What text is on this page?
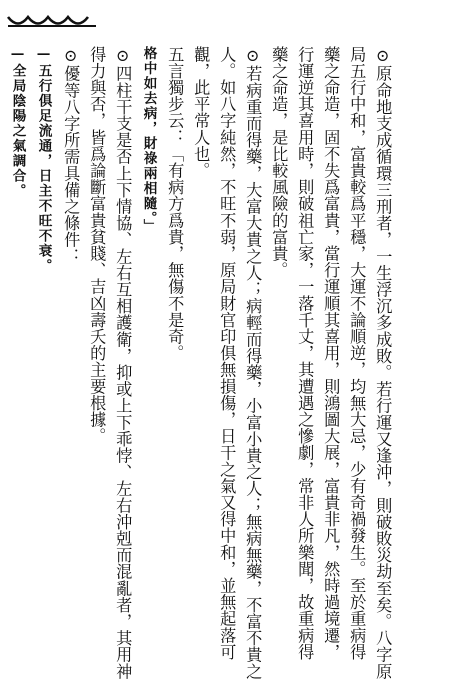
⊙原命地支成循環三刑者，一生浮沉多成敗。若行運又逢沖，則破敗災劫至矣。八字原
局五行中和，富貴較爲平穩，大運不論順逆，均無大忌，少有奇禍發生。至於重病得
藥之命造，固不失爲富貴，當行運順其喜用，則鴻圖大展，富貴非凡，然時過境遷，
行運逆其喜用時，則破祖亡家，一落千丈，其遭遇之慘劇，常非人所樂聞，故重病得
藥之命造，是比較風險的富貴。
⊙若病重而得藥，大富大貴之人；病輕而得藥，小富小貴之人；無病無藥，不富不貴之
人。如八字純然，不旺不弱，原局財官印俱無損傷，日干之氣又得中和，並無起落可
觀，此平常人也。
五言獨步云：「有病方爲貴，無傷不是奇。
格中如去病，財祿兩相隨。」
⊙四柱干支是否上下情協、左右互相護衛，抑或上下乖悖、左右沖剋而混亂者，其用神
得力與否，皆爲論斷富貴貧賤、吉凶壽夭的主要根據。
⊙優等八字所需具備之條件：
—五行俱足流通，日主不旺不衰。
—全局陰陽之氣調合。
